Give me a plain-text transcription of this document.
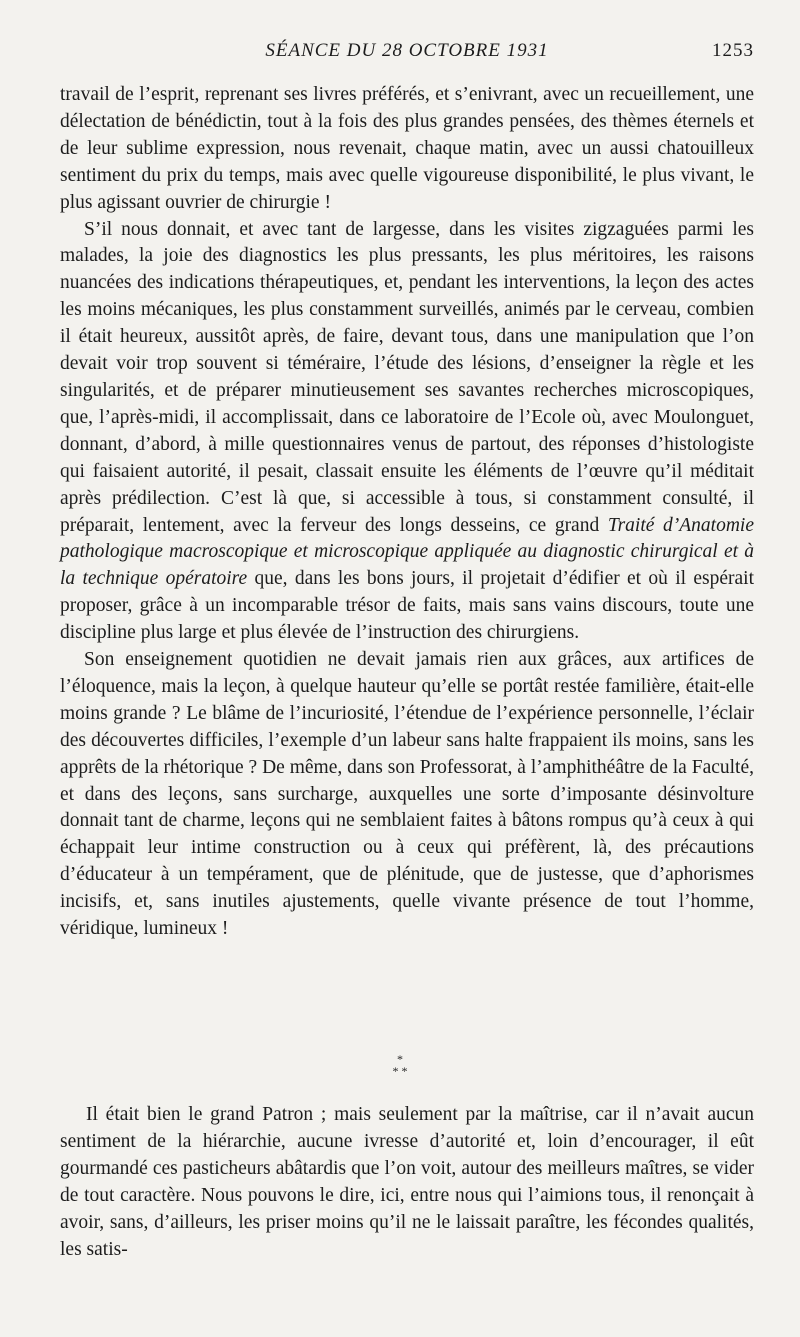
SÉANCE DU 28 OCTOBRE 1931	1253

travail de l’esprit, reprenant ses livres préférés, et s’enivrant, avec un recueillement, une délectation de bénédictin, tout à la fois des plus grandes pensées, des thèmes éternels et de leur sublime expression, nous revenait, chaque matin, avec un aussi chatouilleux sentiment du prix du temps, mais avec quelle vigoureuse disponibilité, le plus vivant, le plus agissant ouvrier de chirurgie !

S’il nous donnait, et avec tant de largesse, dans les visites zigzaguées parmi les malades, la joie des diagnostics les plus pressants, les plus méritoires, les raisons nuancées des indications thérapeutiques, et, pendant les interventions, la leçon des actes les moins mécaniques, les plus constamment surveillés, animés par le cerveau, combien il était heureux, aussitôt après, de faire, devant tous, dans une manipulation que l’on devait voir trop souvent si téméraire, l’étude des lésions, d’enseigner la règle et les singularités, et de préparer minutieusement ses savantes recherches microscopiques, que, l’après-midi, il accomplissait, dans ce laboratoire de l’Ecole où, avec Moulonguet, donnant, d’abord, à mille questionnaires venus de partout, des réponses d’histologiste qui faisaient autorité, il pesait, classait ensuite les éléments de l’œuvre qu’il méditait après prédilection. C’est là que, si accessible à tous, si constamment consulté, il préparait, lentement, avec la ferveur des longs desseins, ce grand Traité d’Anatomie pathologique macroscopique et microscopique appliquée au diagnostic chirurgical et à la technique opératoire que, dans les bons jours, il projetait d’édifier et où il espérait proposer, grâce à un incomparable trésor de faits, mais sans vains discours, toute une discipline plus large et plus élevée de l’instruction des chirurgiens.

Son enseignement quotidien ne devait jamais rien aux grâces, aux artifices de l’éloquence, mais la leçon, à quelque hauteur qu’elle se portât restée familière, était-elle moins grande ? Le blâme de l’incuriosité, l’étendue de l’expérience personnelle, l’éclair des découvertes difficiles, l’exemple d’un labeur sans halte frappaient ils moins, sans les apprêts de la rhétorique ? De même, dans son Professorat, à l’amphithéâtre de la Faculté, et dans des leçons, sans surcharge, auxquelles une sorte d’imposante désinvolture donnait tant de charme, leçons qui ne semblaient faites à bâtons rompus qu’à ceux à qui échappait leur intime construction ou à ceux qui préfèrent, là, des précautions d’éducateur à un tempérament, que de plénitude, que de justesse, que d’aphorismes incisifs, et, sans inutiles ajustements, quelle vivante présence de tout l’homme, véridique, lumineux !

*
* *

Il était bien le grand Patron ; mais seulement par la maîtrise, car il n’avait aucun sentiment de la hiérarchie, aucune ivresse d’autorité et, loin d’encourager, il eût gourmandé ces pasticheurs abâtardis que l’on voit, autour des meilleurs maîtres, se vider de tout caractère. Nous pouvons le dire, ici, entre nous qui l’aimions tous, il renonçait à avoir, sans, d’ailleurs, les priser moins qu’il ne le laissait paraître, les fécondes qualités, les satis-
